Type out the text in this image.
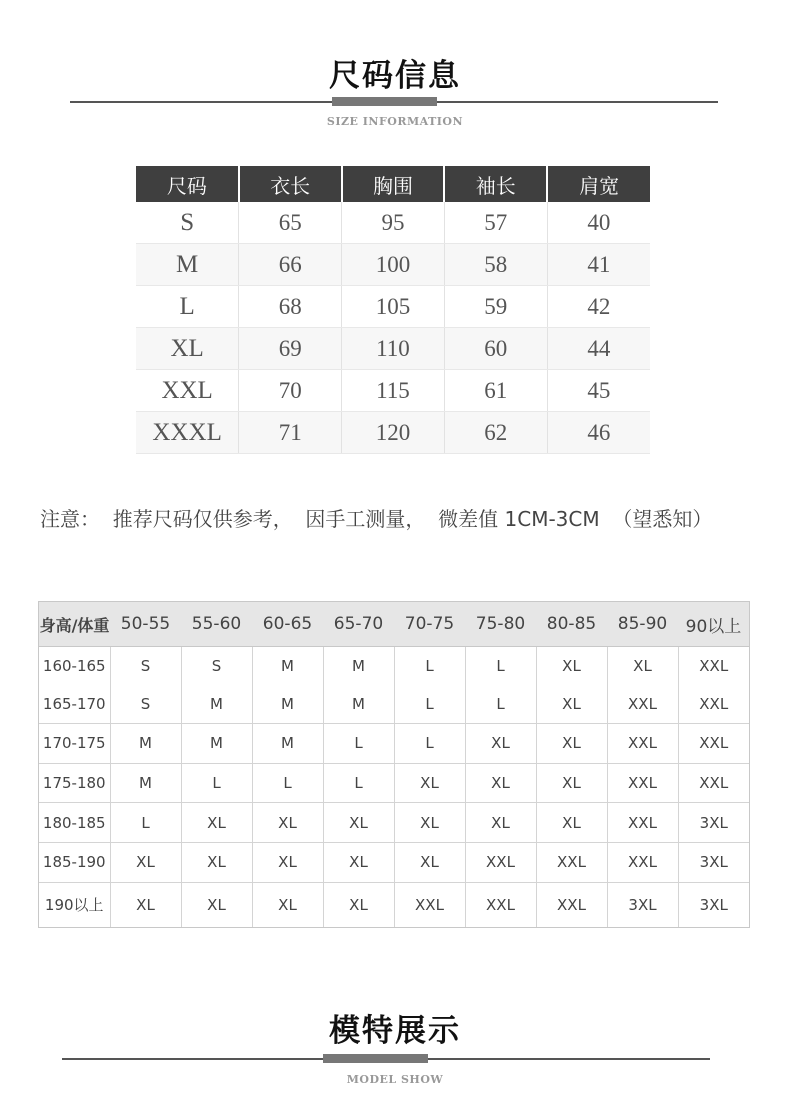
尺码信息
SIZE INFORMATION
尺码	衣长	胸围	袖长	肩宽
S	65	95	57	40
M	66	100	58	41
L	68	105	59	42
XL	69	110	60	44
XXL	70	115	61	45
XXXL	71	120	62	46
注意：  推荐尺码仅供参考，  因手工测量，  微差值 1CM-3CM  （望悉知）
身高/体重	50-55	55-60	60-65	65-70	70-75	75-80	80-85	85-90	90以上
160-165	S	S	M	M	L	L	XL	XL	XXL
165-170	S	M	M	M	L	L	XL	XXL	XXL
170-175	M	M	M	L	L	XL	XL	XXL	XXL
175-180	M	L	L	L	XL	XL	XL	XXL	XXL
180-185	L	XL	XL	XL	XL	XL	XL	XXL	3XL
185-190	XL	XL	XL	XL	XL	XXL	XXL	XXL	3XL
190以上	XL	XL	XL	XL	XXL	XXL	XXL	3XL	3XL
模特展示
MODEL SHOW
